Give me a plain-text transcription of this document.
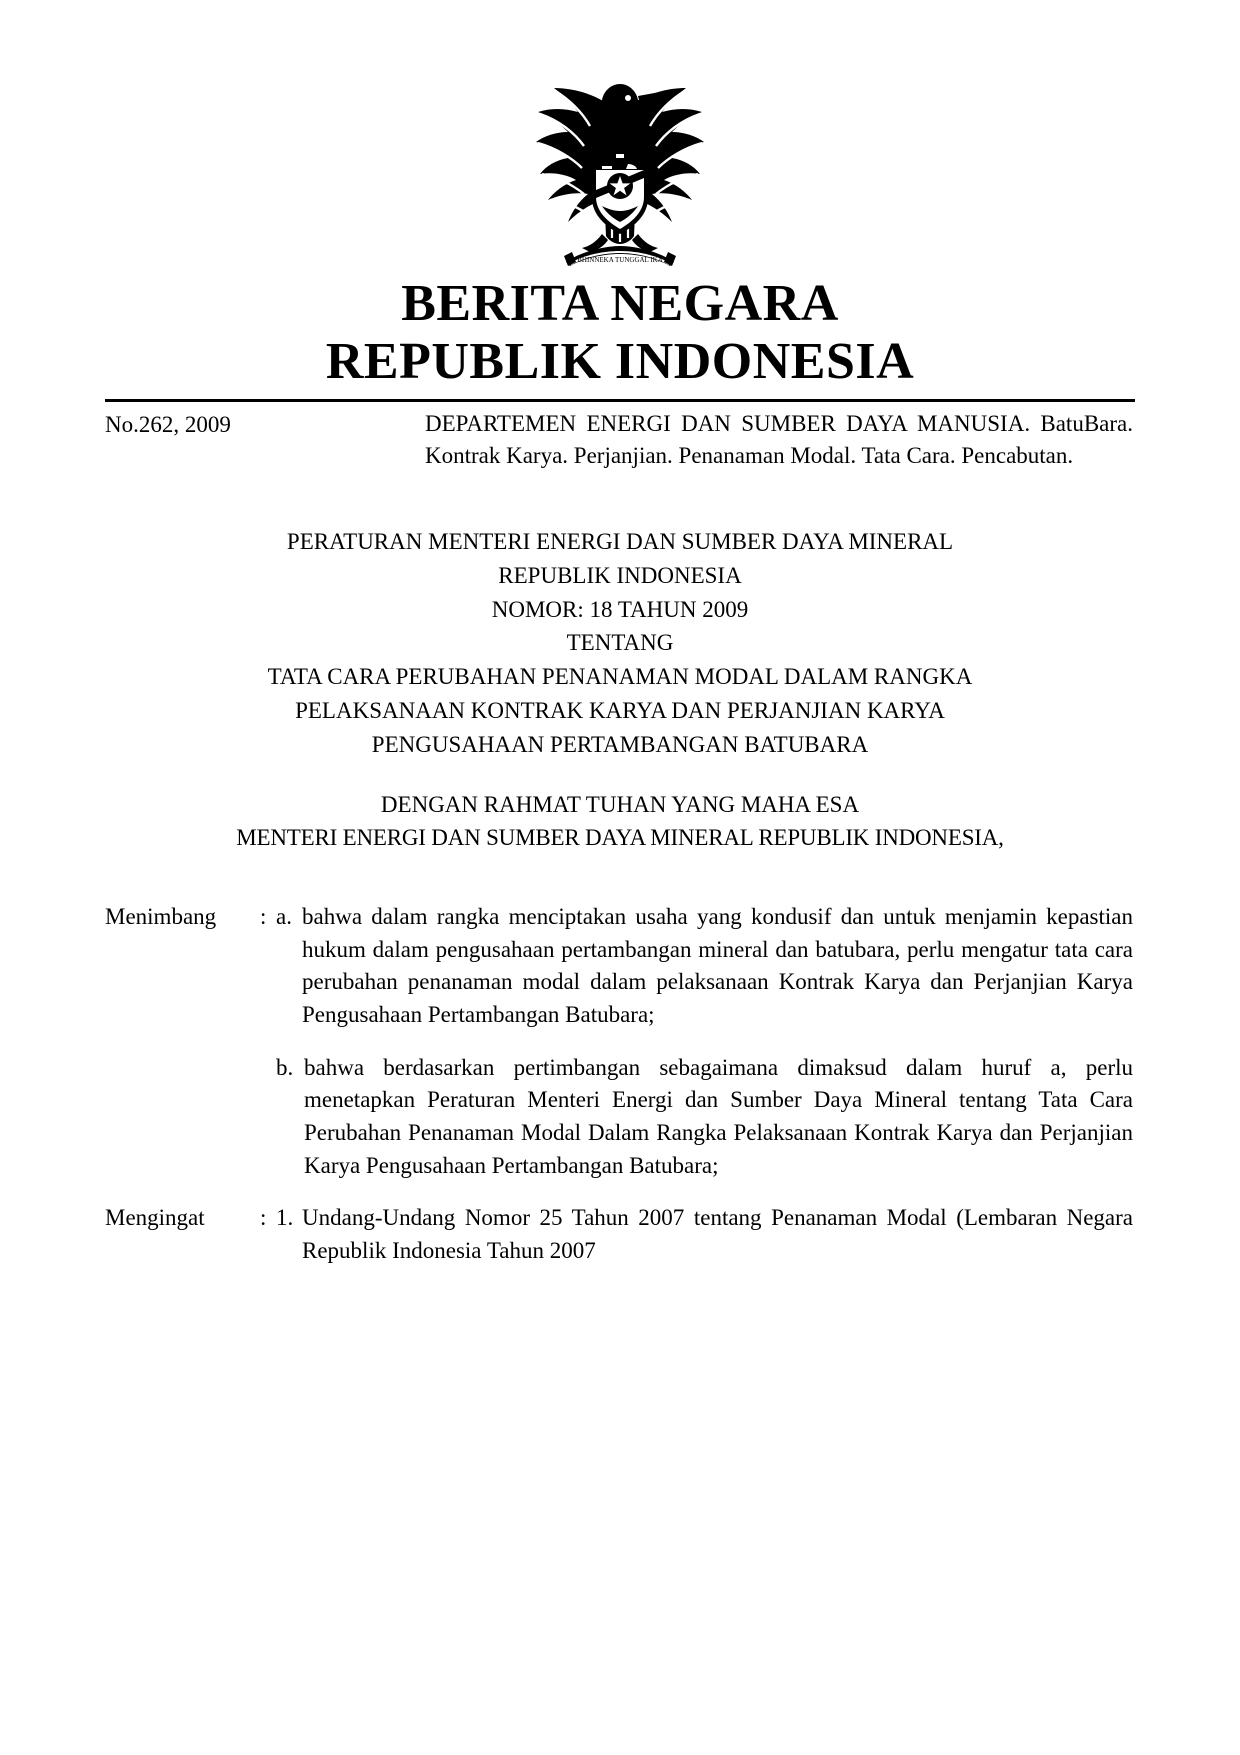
BHINNEKA TUNGGAL IKA
BERITA NEGARA
REPUBLIK INDONESIA
No.262, 2009	DEPARTEMEN ENERGI DAN SUMBER DAYA MANUSIA. BatuBara. Kontrak Karya. Perjanjian. Penanaman Modal. Tata Cara. Pencabutan.
PERATURAN MENTERI ENERGI DAN SUMBER DAYA MINERAL
REPUBLIK INDONESIA
NOMOR: 18 TAHUN 2009
TENTANG
TATA CARA PERUBAHAN PENANAMAN MODAL DALAM RANGKA
PELAKSANAAN KONTRAK KARYA DAN PERJANJIAN KARYA
PENGUSAHAAN PERTAMBANGAN BATUBARA
DENGAN RAHMAT TUHAN YANG MAHA ESA
MENTERI ENERGI DAN SUMBER DAYA MINERAL REPUBLIK INDONESIA,
Menimbang	: a. bahwa dalam rangka menciptakan usaha yang kondusif dan untuk menjamin kepastian hukum dalam pengusahaan pertambangan mineral dan batubara, perlu mengatur tata cara perubahan penanaman modal dalam pelaksanaan Kontrak Karya dan Perjanjian Karya Pengusahaan Pertambangan Batubara;
b. bahwa berdasarkan pertimbangan sebagaimana dimaksud dalam huruf a, perlu menetapkan Peraturan Menteri Energi dan Sumber Daya Mineral tentang Tata Cara Perubahan Penanaman Modal Dalam Rangka Pelaksanaan Kontrak Karya dan Perjanjian Karya Pengusahaan Pertambangan Batubara;
Mengingat	: 1. Undang-Undang Nomor 25 Tahun 2007 tentang Penanaman Modal (Lembaran Negara Republik Indonesia Tahun 2007
